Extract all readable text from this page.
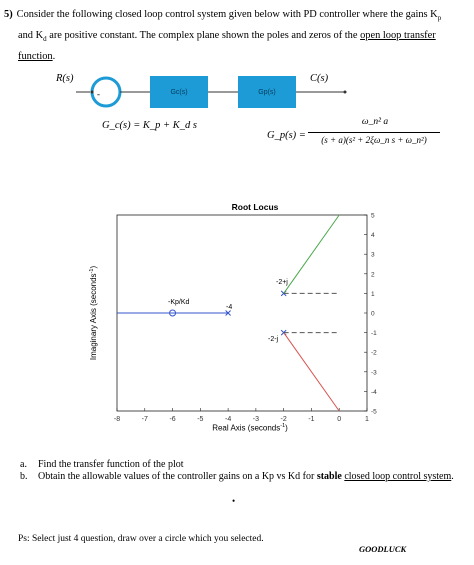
5) Consider the following closed loop control system given below with PD controller where the gains $K_p$
and $K_d$ are positive constant. The complex plane shown the poles and zeros of the open loop transfer
function.
R(s)
-	Gc(s)	Gp(s)
C(s)
G_c(s) = K_p + K_d s
G_p(s) =
ω_n² a
(s + a)(s² + 2ξω_n s + ω_n²)
Root Locus
-8	-7	-6	-5	-4	-3	-2	-1	0	1
5
4
3
2
1
0
-1
-2
-3
-4
-5
Imaginary Axis (seconds$^{-1}$)
Real Axis (seconds$^{-1}$)
-Kp/Kd
-4
-2+j
-2-j
a.	Find the transfer function of the plot
b.	Obtain the allowable values of the controller gains on a Kp vs Kd for stable closed loop control system.
•
Ps: Select just 4 question, draw over a circle which you selected.
GOODLUCK
